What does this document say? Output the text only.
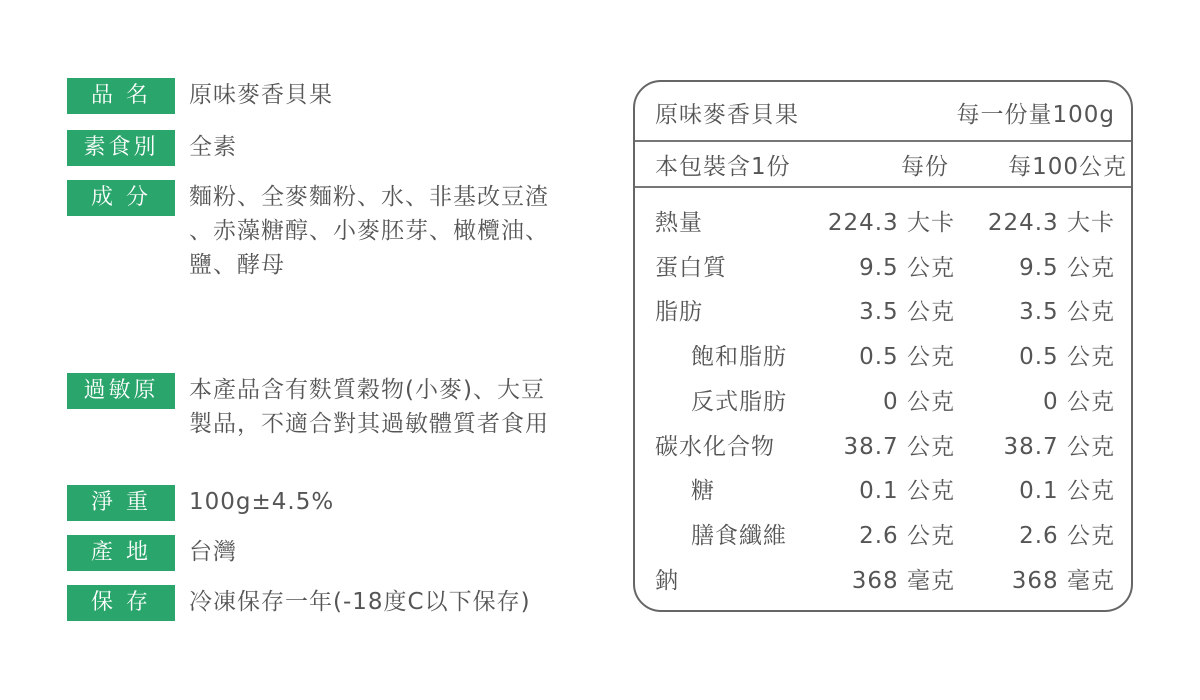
品 名	原味麥香貝果
素食別	全素
成 分	麵粉、全麥麵粉、水、非基改豆渣
、赤藻糖醇、小麥胚芽、橄欖油、
鹽、酵母
過敏原	本產品含有麩質穀物(小麥)、大豆
製品，不適合對其過敏體質者食用
淨 重	100g±4.5%
產 地	台灣
保 存	冷凍保存一年(-18度C以下保存)
原味麥香貝果	每一份量100g
本包裝含1份	每份	每100公克
熱量	224.3 大卡 224.3 大卡
蛋白質	9.5 公克	9.5 公克
脂肪	3.5 公克	3.5 公克
飽和脂肪	0.5 公克	0.5 公克
反式脂肪	0 公克	0 公克
碳水化合物	38.7 公克 38.7 公克
糖	0.1 公克	0.1 公克
膳食纖維	2.6 公克	2.6 公克
鈉	368 毫克 368 毫克
